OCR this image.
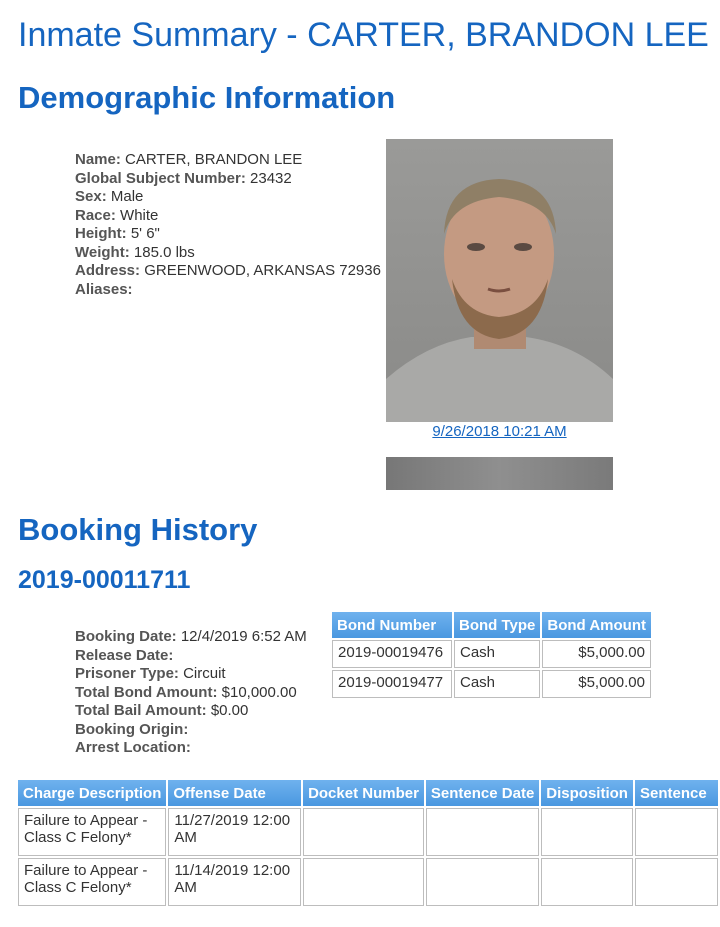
Inmate Summary - CARTER, BRANDON LEE
Demographic Information
Name: CARTER, BRANDON LEE
Global Subject Number: 23432
Sex: Male
Race: White
Height: 5' 6"
Weight: 185.0 lbs
Address: GREENWOOD, ARKANSAS 72936
Aliases:
9/26/2018 10:21 AM
Booking History
2019-00011711
Booking Date: 12/4/2019 6:52 AM
Release Date:
Prisoner Type: Circuit
Total Bond Amount: $10,000.00
Total Bail Amount: $0.00
Booking Origin:
Arrest Location:
Bond Number	Bond Type	Bond Amount
2019-00019476	Cash	$5,000.00
2019-00019477	Cash	$5,000.00
Charge Description	Offense Date	Docket Number	Sentence Date	Disposition	Sentence
Failure to Appear - Class C Felony*	11/27/2019 12:00 AM				
Failure to Appear - Class C Felony*	11/14/2019 12:00 AM				
